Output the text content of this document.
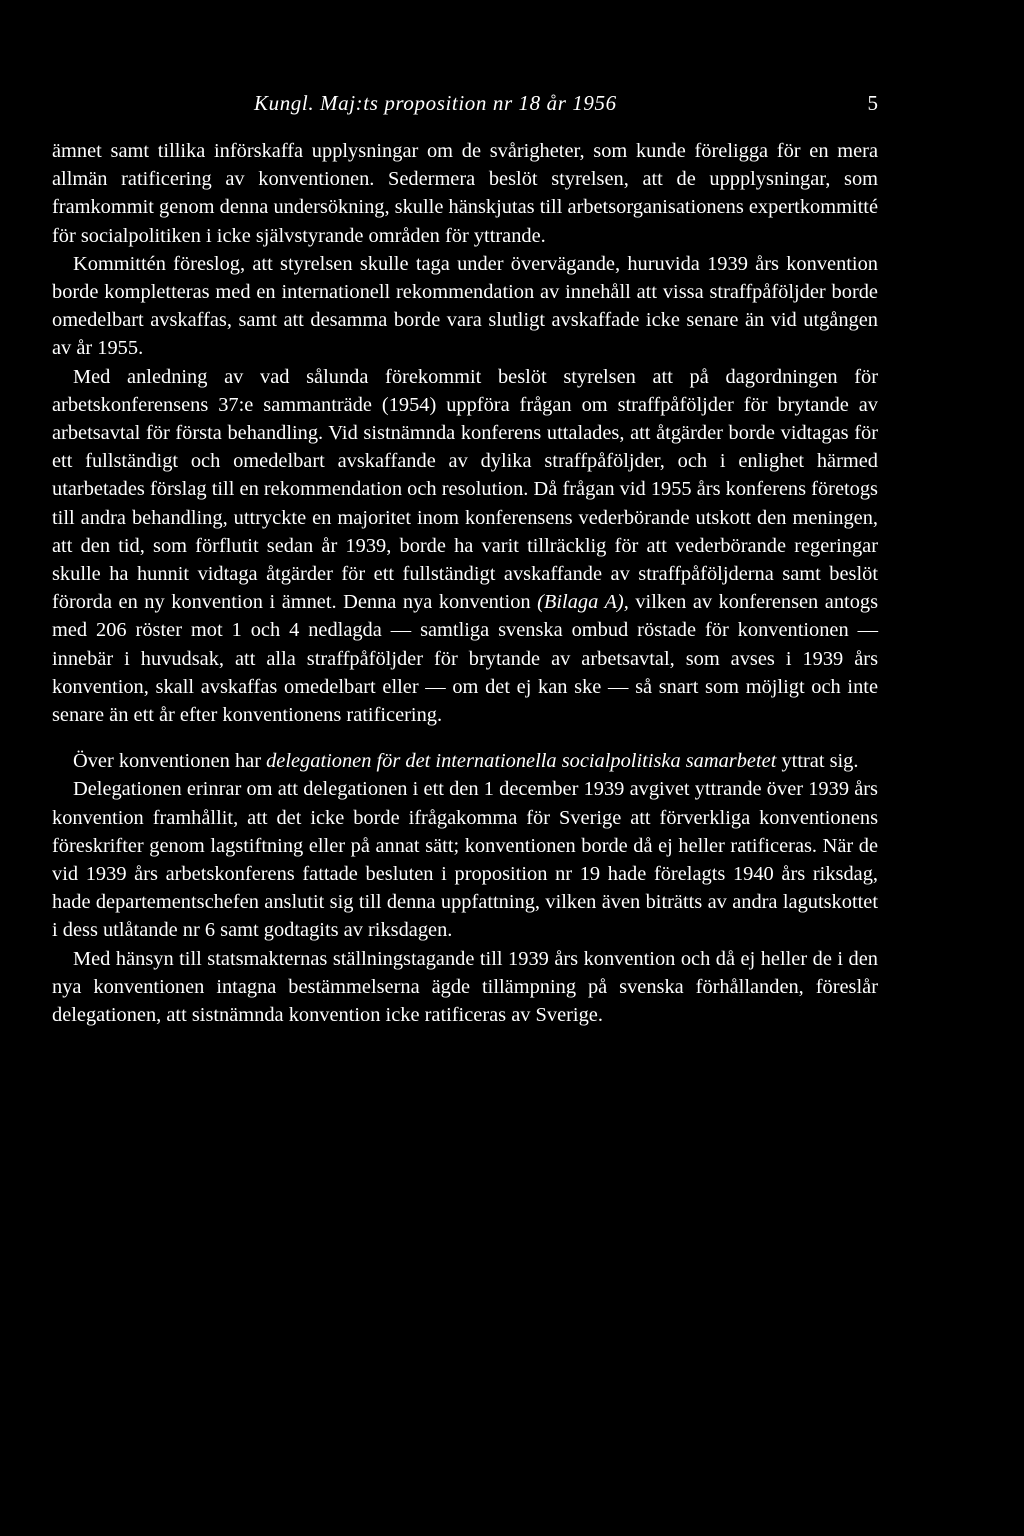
Kungl. Maj:ts proposition nr 18 år 1956	5

ämnet samt tillika införskaffa upplysningar om de svårigheter, som kunde föreligga för en mera allmän ratificering av konventionen. Sedermera beslöt styrelsen, att de uppplysningar, som framkommit genom denna undersökning, skulle hänskjutas till arbetsorganisationens expertkommitté för socialpolitiken i icke självstyrande områden för yttrande.

Kommittén föreslog, att styrelsen skulle taga under övervägande, huruvida 1939 års konvention borde kompletteras med en internationell rekommendation av innehåll att vissa straffpåföljder borde omedelbart avskaffas, samt att desamma borde vara slutligt avskaffade icke senare än vid utgången av år 1955.

Med anledning av vad sålunda förekommit beslöt styrelsen att på dagordningen för arbetskonferensens 37:e sammanträde (1954) uppföra frågan om straffpåföljder för brytande av arbetsavtal för första behandling. Vid sistnämnda konferens uttalades, att åtgärder borde vidtagas för ett fullständigt och omedelbart avskaffande av dylika straffpåföljder, och i enlighet härmed utarbetades förslag till en rekommendation och resolution. Då frågan vid 1955 års konferens företogs till andra behandling, uttryckte en majoritet inom konferensens vederbörande utskott den meningen, att den tid, som förflutit sedan år 1939, borde ha varit tillräcklig för att vederbörande regeringar skulle ha hunnit vidtaga åtgärder för ett fullständigt avskaffande av straffpåföljderna samt beslöt förorda en ny konvention i ämnet. Denna nya konvention (Bilaga A), vilken av konferensen antogs med 206 röster mot 1 och 4 nedlagda — samtliga svenska ombud röstade för konventionen — innebär i huvudsak, att alla straffpåföljder för brytande av arbetsavtal, som avses i 1939 års konvention, skall avskaffas omedelbart eller — om det ej kan ske — så snart som möjligt och inte senare än ett år efter konventionens ratificering.

Över konventionen har delegationen för det internationella socialpolitiska samarbetet yttrat sig.

Delegationen erinrar om att delegationen i ett den 1 december 1939 avgivet yttrande över 1939 års konvention framhållit, att det icke borde ifrågakomma för Sverige att förverkliga konventionens föreskrifter genom lagstiftning eller på annat sätt; konventionen borde då ej heller ratificeras. När de vid 1939 års arbetskonferens fattade besluten i proposition nr 19 hade förelagts 1940 års riksdag, hade departementschefen anslutit sig till denna uppfattning, vilken även biträtts av andra lagutskottet i dess utlåtande nr 6 samt godtagits av riksdagen.

Med hänsyn till statsmakternas ställningstagande till 1939 års konvention och då ej heller de i den nya konventionen intagna bestämmelserna ägde tillämpning på svenska förhållanden, föreslår delegationen, att sistnämnda konvention icke ratificeras av Sverige.
